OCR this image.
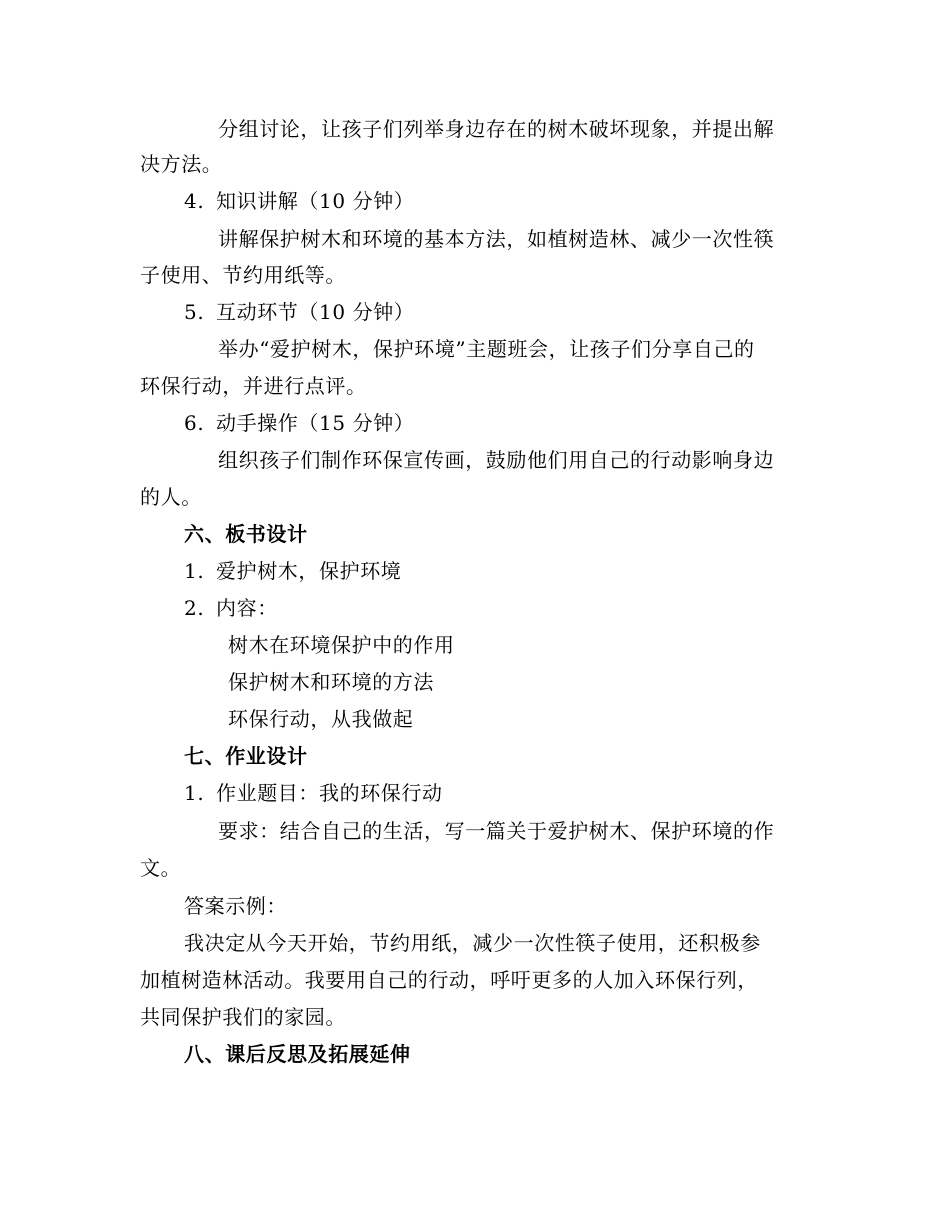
分组讨论，让孩子们列举身边存在的树木破坏现象，并提出解
决方法。
4. 知识讲解（10 分钟）
讲解保护树木和环境的基本方法，如植树造林、减少一次性筷
子使用、节约用纸等。
5. 互动环节（10 分钟）
举办“爱护树木，保护环境”主题班会，让孩子们分享自己的
环保行动，并进行点评。
6. 动手操作（15 分钟）
组织孩子们制作环保宣传画，鼓励他们用自己的行动影响身边
的人。
六、板书设计
1. 爱护树木，保护环境
2. 内容：
树木在环境保护中的作用
保护树木和环境的方法
环保行动，从我做起
七、作业设计
1. 作业题目：我的环保行动
要求：结合自己的生活，写一篇关于爱护树木、保护环境的作
文。
答案示例：
我决定从今天开始，节约用纸，减少一次性筷子使用，还积极参
加植树造林活动。我要用自己的行动，呼吁更多的人加入环保行列，
共同保护我们的家园。
八、课后反思及拓展延伸
